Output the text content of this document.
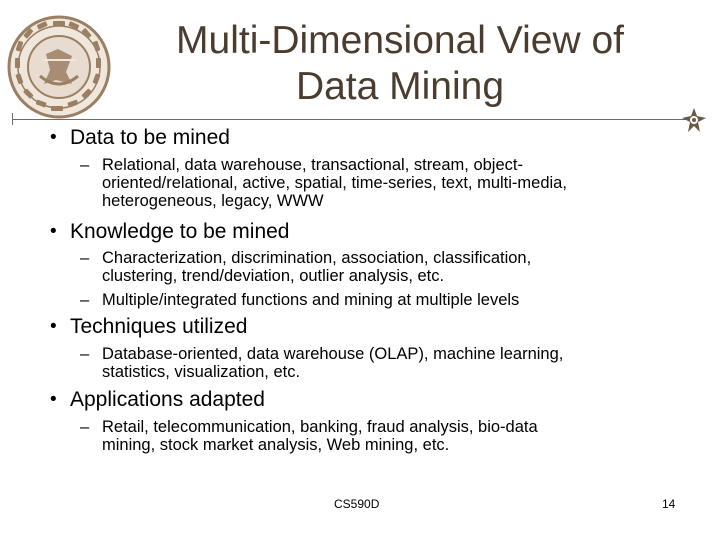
Multi-Dimensional View of
Data Mining
• Data to be mined
– Relational, data warehouse, transactional, stream, object-
oriented/relational, active, spatial, time-series, text, multi-media,
heterogeneous, legacy, WWW
• Knowledge to be mined
– Characterization, discrimination, association, classification,
clustering, trend/deviation, outlier analysis, etc.
– Multiple/integrated functions and mining at multiple levels
• Techniques utilized
– Database-oriented, data warehouse (OLAP), machine learning,
statistics, visualization, etc.
• Applications adapted
– Retail, telecommunication, banking, fraud analysis, bio-data
mining, stock market analysis, Web mining, etc.
CS590D	14
